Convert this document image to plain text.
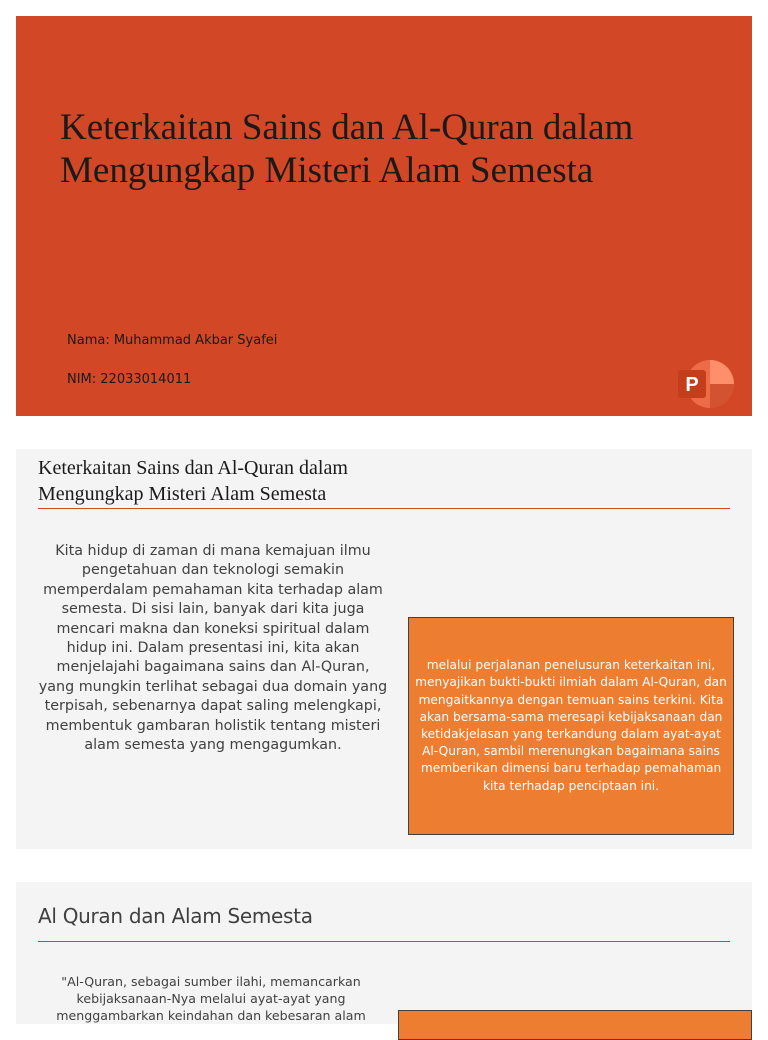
Keterkaitan Sains dan Al-Quran dalam Mengungkap Misteri Alam Semesta
Nama: Muhammad Akbar Syafei
NIM: 22033014011	P
Keterkaitan Sains dan Al-Quran dalam Mengungkap Misteri Alam Semesta
Kita hidup di zaman di mana kemajuan ilmu pengetahuan dan teknologi semakin memperdalam pemahaman kita terhadap alam semesta. Di sisi lain, banyak dari kita juga mencari makna dan koneksi spiritual dalam hidup ini. Dalam presentasi ini, kita akan menjelajahi bagaimana sains dan Al-Quran, yang mungkin terlihat sebagai dua domain yang terpisah, sebenarnya dapat saling melengkapi, membentuk gambaran holistik tentang misteri alam semesta yang mengagumkan.

melalui perjalanan penelusuran keterkaitan ini, menyajikan bukti-bukti ilmiah dalam Al-Quran, dan mengaitkannya dengan temuan sains terkini. Kita akan bersama-sama meresapi kebijaksanaan dan ketidakjelasan yang terkandung dalam ayat-ayat Al-Quran, sambil merenungkan bagaimana sains memberikan dimensi baru terhadap pemahaman kita terhadap penciptaan ini.

Al Quran dan Alam Semesta
"Al-Quran, sebagai sumber ilahi, memancarkan kebijaksanaan-Nya melalui ayat-ayat yang menggambarkan keindahan dan kebesaran alam
